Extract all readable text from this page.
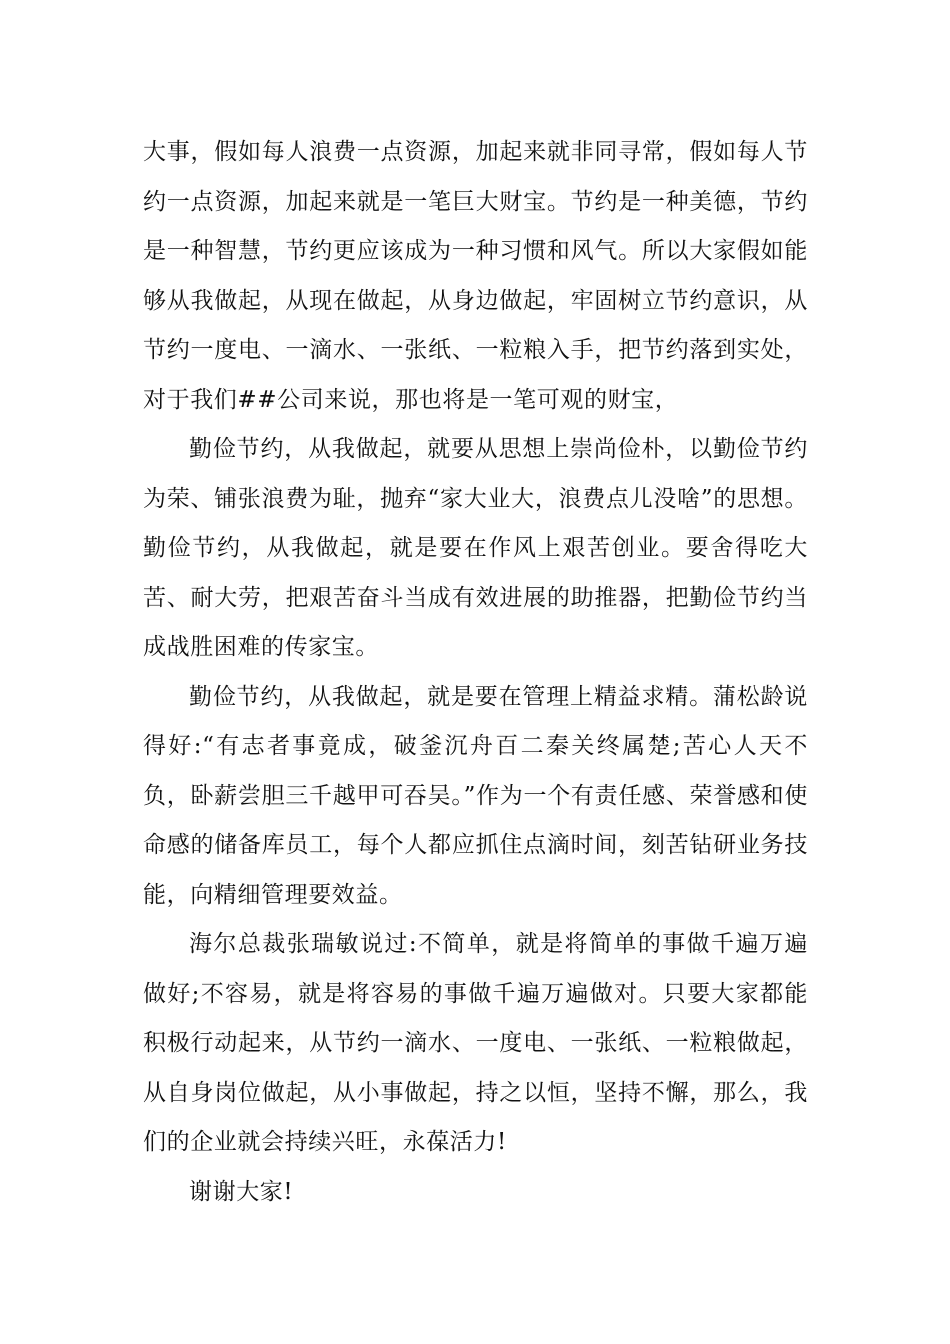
大事，假如每人浪费一点资源，加起来就非同寻常，假如每人节约一点资源，加起来就是一笔巨大财宝。节约是一种美德，节约是一种智慧，节约更应该成为一种习惯和风气。所以大家假如能够从我做起，从现在做起，从身边做起，牢固树立节约意识，从节约一度电、一滴水、一张纸、一粒粮入手，把节约落到实处，对于我们##公司来说，那也将是一笔可观的财宝，

勤俭节约，从我做起，就要从思想上崇尚俭朴，以勤俭节约为荣、铺张浪费为耻，抛弃“家大业大，浪费点儿没啥”的思想。勤俭节约，从我做起，就是要在作风上艰苦创业。要舍得吃大苦、耐大劳，把艰苦奋斗当成有效进展的助推器，把勤俭节约当成战胜困难的传家宝。

勤俭节约，从我做起，就是要在管理上精益求精。蒲松龄说得好:“有志者事竟成，破釜沉舟百二秦关终属楚;苦心人天不负，卧薪尝胆三千越甲可吞吴。”作为一个有责任感、荣誉感和使命感的储备库员工，每个人都应抓住点滴时间，刻苦钻研业务技能，向精细管理要效益。

海尔总裁张瑞敏说过:不简单，就是将简单的事做千遍万遍做好;不容易，就是将容易的事做千遍万遍做对。只要大家都能积极行动起来，从节约一滴水、一度电、一张纸、一粒粮做起，从自身岗位做起，从小事做起，持之以恒，坚持不懈，那么，我们的企业就会持续兴旺，永葆活力!

谢谢大家!
